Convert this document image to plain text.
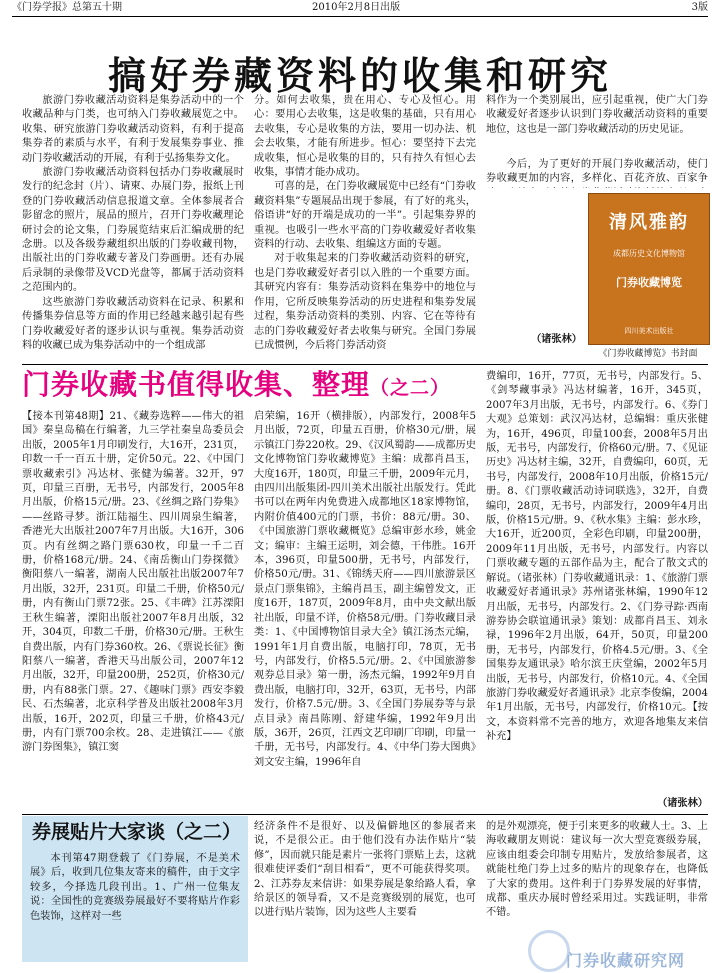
《门券学报》总第五十期	2010年2月8日出版	3版
搞好券藏资料的收集和研究

旅游门券收藏活动资料是集券活动中的一个收藏品种与门类，也可纳入门券收藏展览之中。收集、研究旅游门券收藏活动资料，有利于提高集券者的素质与水平，有利于发展集券事业、推动门券收藏活动的开展，有利于弘扬集券文化。

旅游门券收藏活动资料包括办门券收藏展时发行的纪念封（片）、请柬、办展门券，报纸上刊登的门券收藏活动信息报道文章。全体参展者合影留念的照片，展品的照片，召开门券收藏理论研讨会的论文集，门券展览结束后汇编成册的纪念册。以及各级券藏组织出版的门券收藏刊物，出版社出的门券收藏专著及门券画册。还有办展后录制的录像带及VCD光盘等，都属于活动资料之范围内的。

这些旅游门券收藏活动资料在记录、积累和传播集券信息等方面的作用已经越来越引起有些门券收藏爱好者的逐步认识与重视。集券活动资料的收藏已成为集券活动中的一个组成部

分。如何去收集，贵在用心、专心及恒心。用心：要用心去收集，这是收集的基础，只有用心去收集，专心是收集的方法，要用一切办法、机会去收集，才能有所进步。恒心：要坚持下去完成收集，恒心是收集的目的，只有持久有恒心去收集，事情才能办成功。

可喜的是，在门券收藏展览中已经有“门券收藏资料集”专题展品出现于参展，有了好的兆头，俗语讲“好的开端是成功的一半”。引起集券界的重视。也吸引一些水平高的门券收藏爱好者收集资料的行动、去收集、组编这方面的专题。

对于收集起来的门券收藏活动资料的研究，也是门券收藏爱好者引以入胜的一个重要方面。其研究内容有：集券活动资料在集券中的地位与作用，它所反映集券活动的历史进程和集券发展过程，集券活动资料的类别、内容、它在等待有志的门券收藏爱好者去收集与研究。全国门券展已成惯例，今后将门券活动资

料作为一个类别展出，应引起重视，使广大门券收藏爱好者逐步认识到门券收藏活动资料的重要地位，这也是一部门券收藏活动的历史见证。

今后，为了更好的开展门券收藏活动，使门券收藏更加的内容，多样化、百花齐放、百家争

（诸张林）
清风雅韵
成都历史文化博物馆
门券收藏博览
四川美术出版社
《门券收藏博览》书封面
门券收藏书值得收集、整理（之二）

【接本刊第48期】21、《藏券选粹——伟大的祖国》秦皇岛稿在行编著，九三学社秦皇岛委员会出版，2005年1月印刷发行，大16开，231页，印数一千一百五十册，定价50元。22、《中国门票收藏索引》冯达材、张健为编著。32开，97页，印量三百册，无书号，内部发行，2005年8月出版，价格15元/册。23、《丝绸之路门券集》——丝路寻梦。浙江陆福生、四川周泉生编著，香港光大出版社2007年7月出版。大16开，306页。内有丝绸之路门票630枚，印量一千二百册，价格168元/册。24、《南岳衡山门券探微》衡阳蔡八一编著，湖南人民出版社出版2007年7月出版，32开，231页。印量二千册，价格50元/册，内有衡山门票72张。25、《丰碑》江苏溧阳王秋生编著，溧阳出版社2007年8月出版，32开，304页，印数二千册，价格30元/册。王秋生自费出版，内有门券360枚。26、《票说长征》衡阳蔡八一编著，香港天马出版公司，2007年12月出版，32开，印量200册，252页，价格30元/册，内有88张门票。27、《趣味门票》西安李毅民、石杰编著，北京科学普及出版社2008年3月出版，16开，202页，印量三千册，价格43元/册，内有门票700余枚。28、走进镇江——《旅游门券图集》，镇江窦

启荣编，16开（横排版），内部发行，2008年5月出版，72页，印量五百册，价格30元/册，展示镇江门券220枚。29、《汉风蜀韵——成都历史文化博物馆门券收藏博览》主编：成都肖昌玉，大度16开，180页，印量三千册，2009年元月，由四川出版集团-四川美术出版社出版发行。凭此书可以在两年内免费进入成都地区18家博物馆，内附价值400元的门票，书价：88元/册。30、《中国旅游门票收藏概览》总编审彭水珍，姚金文；编审：主编王运明，刘会德，干伟胜。16开本，396页，印量500册，无书号，内部发行，价格50元/册。31、《锦绣天府——四川旅游景区景点门票集锦》，主编肖昌玉，副主编曾发文，正度16开，187页，2009年8月，由中央文献出版社出版，印量不详，价格58元/册。门券收藏目录类：1、《中国博物馆目录大全》镇江汤杰元编，1991年1月自费出版，电脑打印，78页，无书号，内部发行，价格5.5元/册。2、《中国旅游参观券总目录》第一册，汤杰元编，1992年9月自费出版，电脑打印，32开，63页，无书号，内部发行，价格7.5元/册。3、《全国门券展券等与景点目录》南昌陈刚、舒建华编，1992年9月出版，36开，26页，江西文艺印刷厂印刷，印量一千册，无书号，内部发行。4、《中华门券大图典》刘文安主编，1996年自

费编印，16开，77页，无书号，内部发行。5、《剑琴藏事录》冯达材编著，16开，345页，2007年3月出版，无书号，内部发行。6、《券门大观》总策划：武汉冯达材，总编辑：重庆张健为，16开，496页，印量100套，2008年5月出版，无书号，内部发行，价格60元/册。7、《见证历史》冯达材主编，32开，自费编印，60页，无书号，内部发行，2008年10月出版，价格15元/册。8、《门票收藏活动诗词联选》，32开，自费编印，28页，无书号，内部发行，2009年4月出版，价格15元/册。9、《秋水集》主编：彭水珍，大16开，近200页，全彩色印刷，印量200册，2009年11月出版，无书号，内部发行。内容以门票收藏专题的五部作品为主，配合了散文式的解说。（诸张林）门券收藏通讯录：1、《旅游门票收藏爱好者通讯录》苏州诸张林编，1990年12月出版，无书号，内部发行。2、《门券寻踪·西南游券协会联谊通讯录》策划：成都肖昌玉、刘永禄，1996年2月出版，64开，50页，印量200册，无书号，内部发行，价格4.5元/册。3、《全国集券友通讯录》哈尔滨王庆堂编，2002年5月出版，无书号，内部发行，价格10元。4、《全国旅游门券收藏爱好者通讯录》北京李俊编，2004年1月出版，无书号，内部发行，价格10元。【按文，本资料常不完善的地方，欢迎各地集友来信补充】

（诸张林）
券展贴片大家谈（之二）

本刊第47期登载了《门券展，不是美术展》后，收到几位集友寄来的稿件，由于文字较多，今择选几段刊出。1、广州一位集友说：全国性的竞赛级券展最好不要将贴片作彩色装饰，这样对一些

经济条件不是很好、以及偏僻地区的参展者来说，不是很公正。由于他们没有办法作贴片“装修”，因而就只能是素片一张将门票贴上去，这就很难使评委们“刮目相看”，更不可能获得奖项。2、江苏券友来信讲：如果券展是象给路人看，拿给景区的领导看，又不是竞赛级别的展览，也可以进行贴片装饰，因为这些人主要看

的是外观漂亮，便于引来更多的收藏人士。3、上海收藏朋友则说：建议每一次大型竞赛级券展，应该由组委会印制专用贴片，发放给参展者，这就能杜绝门券上过多的贴片的现象存在，也降低了大家的费用。这件利于门券界发展的好事情，成都、重庆办展时曾经采用过。实践证明，非常不错。

门券收藏研究网
